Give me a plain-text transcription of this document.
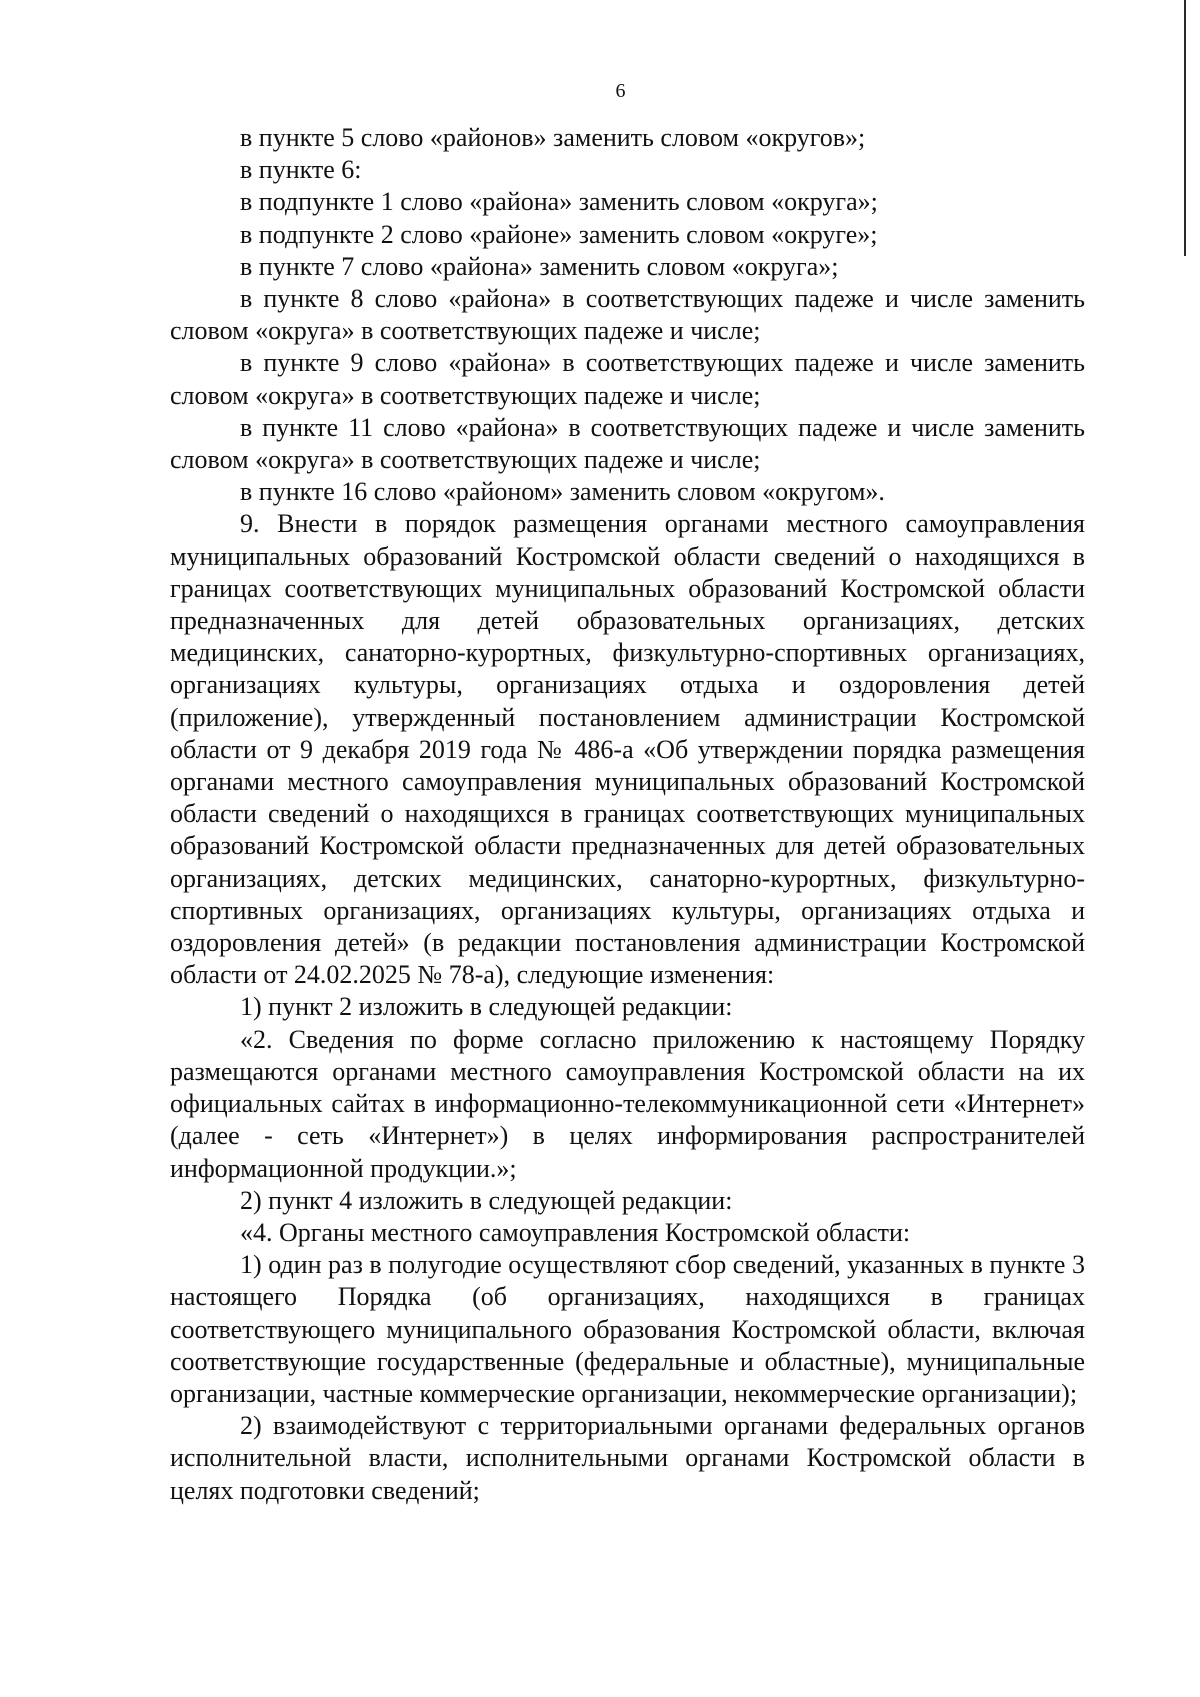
6

в пункте 5 слово «районов» заменить словом «округов»;

в пункте 6:

в подпункте 1 слово «района» заменить словом «округа»;

в подпункте 2 слово «районе» заменить словом «округе»;

в пункте 7 слово «района» заменить словом «округа»;

в пункте 8 слово «района» в соответствующих падеже и числе заменить словом «округа» в соответствующих падеже и числе;

в пункте 9 слово «района» в соответствующих падеже и числе заменить словом «округа» в соответствующих падеже и числе;

в пункте 11 слово «района» в соответствующих падеже и числе заменить словом «округа» в соответствующих падеже и числе;

в пункте 16 слово «районом» заменить словом «округом».

9. Внести в порядок размещения органами местного самоуправления муниципальных образований Костромской области сведений о находящихся в границах соответствующих муниципальных образований Костромской области предназначенных для детей образовательных организациях, детских медицинских, санаторно-курортных, физкультурно-спортивных организациях, организациях культуры, организациях отдыха и оздоровления детей (приложение), утвержденный постановлением администрации Костромской области от 9 декабря 2019 года № 486-а «Об утверждении порядка размещения органами местного самоуправления муниципальных образований Костромской области сведений о находящихся в границах соответствующих муниципальных образований Костромской области предназначенных для детей образовательных организациях, детских медицинских, санаторно-курортных, физкультурно-спортивных организациях, организациях культуры, организациях отдыха и оздоровления детей» (в редакции постановления администрации Костромской области от 24.02.2025 № 78-а), следующие изменения:

1) пункт 2 изложить в следующей редакции:

«2. Сведения по форме согласно приложению к настоящему Порядку размещаются органами местного самоуправления Костромской области на их официальных сайтах в информационно-телекоммуникационной сети «Интернет» (далее - сеть «Интернет») в целях информирования распространителей информационной продукции.»;

2) пункт 4 изложить в следующей редакции:

«4. Органы местного самоуправления Костромской области:

1) один раз в полугодие осуществляют сбор сведений, указанных в пункте 3 настоящего Порядка (об организациях, находящихся в границах соответствующего муниципального образования Костромской области, включая соответствующие государственные (федеральные и областные), муниципальные организации, частные коммерческие организации, некоммерческие организации);

2) взаимодействуют с территориальными органами федеральных органов исполнительной власти, исполнительными органами Костромской области в целях подготовки сведений;
